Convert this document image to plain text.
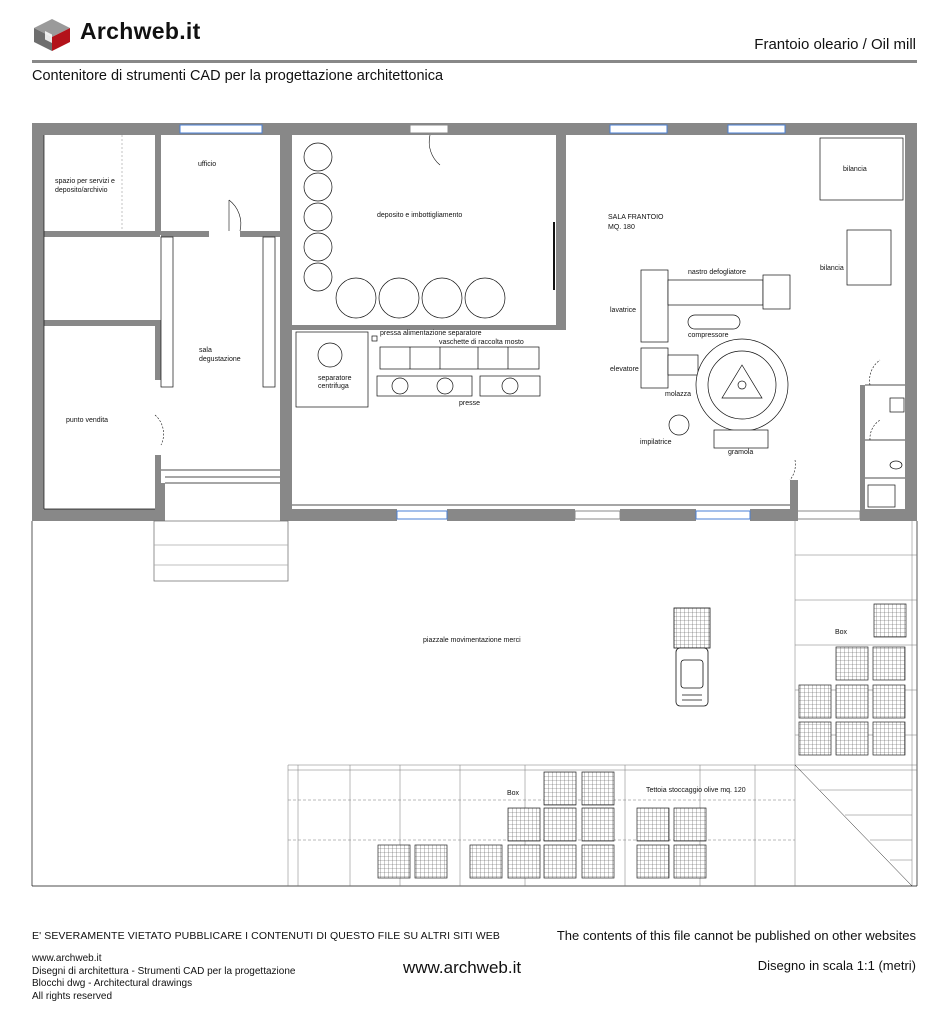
Archweb.it
Frantoio oleario / Oil mill
Contenitore di strumenti CAD per la progettazione architettonica
spazio per servizi e
deposito/archivio
ufficio
deposito e imbottigliamento	SALA FRANTOIO
MQ. 180
bilancia
bilancia
nastro defogliatore
lavatrice
compressore
elevatore
molazza
impilatrice
gramola
sala
degustazione
punto vendita
pressa alimentazione separatore
vaschette di raccolta mosto
separatore
centrifuga
presse
piazzale movimentazione merci
Box
Box	Tettoia stoccaggio olive mq. 120
E' SEVERAMENTE VIETATO PUBBLICARE I CONTENUTI DI QUESTO FILE SU ALTRI SITI WEB	The contents of this file cannot be published on other websites
www.archweb.it
Disegni di architettura - Strumenti CAD per la progettazione
Blocchi dwg - Architectural drawings
All rights reserved
www.archweb.it	Disegno in scala 1:1 (metri)
